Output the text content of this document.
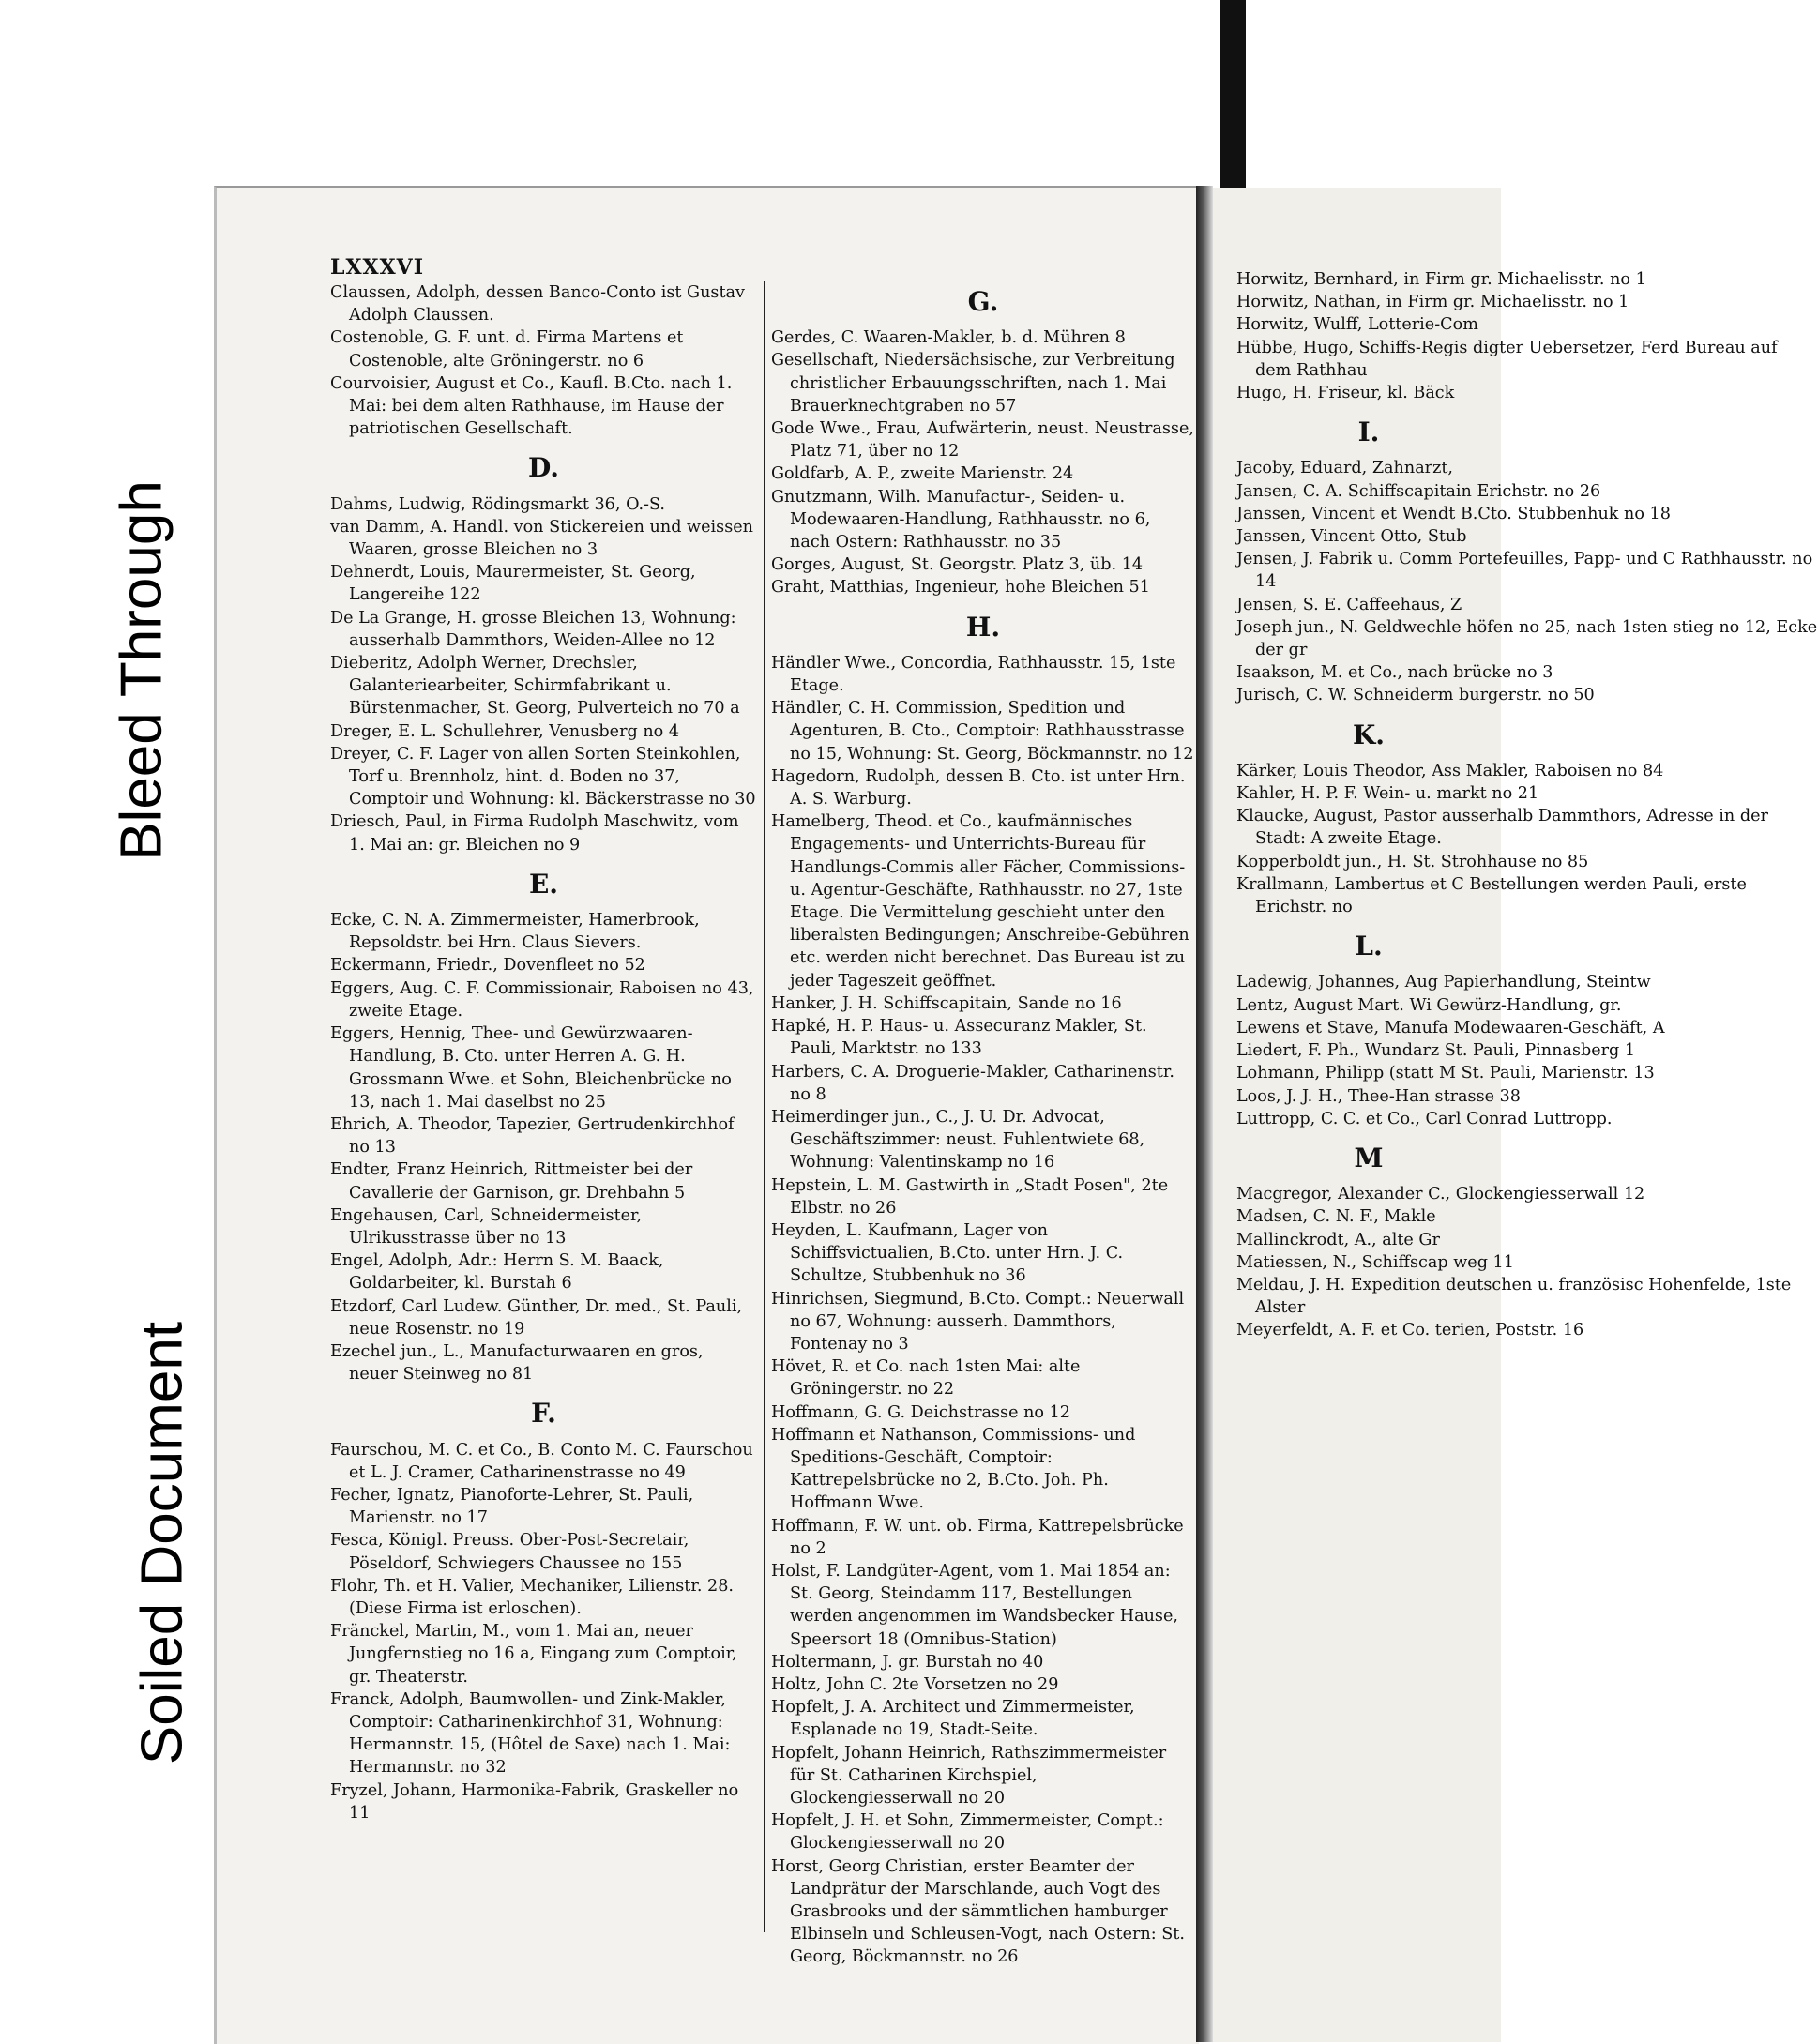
Bleed Through
Soiled Document
LXXXVI
Claussen, Adolph, dessen Banco-Conto ist Gustav Adolph Claussen.
Costenoble, G. F. unt. d. Firma Martens et Costenoble, alte Gröningerstr. no 6
Courvoisier, August et Co., Kaufl. B.Cto. nach 1. Mai: bei dem alten Rathhause, im Hause der patriotischen Gesellschaft.
D.
Dahms, Ludwig, Rödingsmarkt 36, O.-S.
van Damm, A. Handl. von Stickereien und weissen Waaren, grosse Bleichen no 3
Dehnerdt, Louis, Maurermeister, St. Georg, Langereihe 122
De La Grange, H. grosse Bleichen 13, Wohnung: ausserhalb Dammthors, Weiden-Allee no 12
Dieberitz, Adolph Werner, Drechsler, Galanteriearbeiter, Schirmfabrikant u. Bürstenmacher, St. Georg, Pulverteich no 70 a
Dreger, E. L. Schullehrer, Venusberg no 4
Dreyer, C. F. Lager von allen Sorten Steinkohlen, Torf u. Brennholz, hint. d. Boden no 37, Comptoir und Wohnung: kl. Bäckerstrasse no 30
Driesch, Paul, in Firma Rudolph Maschwitz, vom 1. Mai an: gr. Bleichen no 9
E.
Ecke, C. N. A. Zimmermeister, Hamerbrook, Repsoldstr. bei Hrn. Claus Sievers.
Eckermann, Friedr., Dovenfleet no 52
Eggers, Aug. C. F. Commissionair, Raboisen no 43, zweite Etage.
Eggers, Hennig, Thee- und Gewürzwaaren-Handlung, B. Cto. unter Herren A. G. H. Grossmann Wwe. et Sohn, Bleichenbrücke no 13, nach 1. Mai daselbst no 25
Ehrich, A. Theodor, Tapezier, Gertrudenkirchhof no 13
Endter, Franz Heinrich, Rittmeister bei der Cavallerie der Garnison, gr. Drehbahn 5
Engehausen, Carl, Schneidermeister, Ulrikusstrasse über no 13
Engel, Adolph, Adr.: Herrn S. M. Baack, Goldarbeiter, kl. Burstah 6
Etzdorf, Carl Ludew. Günther, Dr. med., St. Pauli, neue Rosenstr. no 19
Ezechel jun., L., Manufacturwaaren en gros, neuer Steinweg no 81
F.
Faurschou, M. C. et Co., B. Conto M. C. Faurschou et L. J. Cramer, Catharinenstrasse no 49
Fecher, Ignatz, Pianoforte-Lehrer, St. Pauli, Marienstr. no 17
Fesca, Königl. Preuss. Ober-Post-Secretair, Pöseldorf, Schwiegers Chaussee no 155
Flohr, Th. et H. Valier, Mechaniker, Lilienstr. 28. (Diese Firma ist erloschen).
Fränckel, Martin, M., vom 1. Mai an, neuer Jungfernstieg no 16 a, Eingang zum Comptoir, gr. Theaterstr.
Franck, Adolph, Baumwollen- und Zink-Makler, Comptoir: Catharinenkirchhof 31, Wohnung: Hermannstr. 15, (Hôtel de Saxe) nach 1. Mai: Hermannstr. no 32
Fryzel, Johann, Harmonika-Fabrik, Graskeller no 11
G.
Gerdes, C. Waaren-Makler, b. d. Mühren 8
Gesellschaft, Niedersächsische, zur Verbreitung christlicher Erbauungsschriften, nach 1. Mai Brauerknechtgraben no 57
Gode Wwe., Frau, Aufwärterin, neust. Neustrasse, Platz 71, über no 12
Goldfarb, A. P., zweite Marienstr. 24
Gnutzmann, Wilh. Manufactur-, Seiden- u. Modewaaren-Handlung, Rathhausstr. no 6, nach Ostern: Rathhausstr. no 35
Gorges, August, St. Georgstr. Platz 3, üb. 14
Graht, Matthias, Ingenieur, hohe Bleichen 51
H.
Händler Wwe., Concordia, Rathhausstr. 15, 1ste Etage.
Händler, C. H. Commission, Spedition und Agenturen, B. Cto., Comptoir: Rathhausstrasse no 15, Wohnung: St. Georg, Böckmannstr. no 12
Hagedorn, Rudolph, dessen B. Cto. ist unter Hrn. A. S. Warburg.
Hamelberg, Theod. et Co., kaufmännisches Engagements- und Unterrichts-Bureau für Handlungs-Commis aller Fächer, Commissions- u. Agentur-Geschäfte, Rathhausstr. no 27, 1ste Etage. Die Vermittelung geschieht unter den liberalsten Bedingungen; Anschreibe-Gebühren etc. werden nicht berechnet. Das Bureau ist zu jeder Tageszeit geöffnet.
Hanker, J. H. Schiffscapitain, Sande no 16
Hapké, H. P. Haus- u. Assecuranz Makler, St. Pauli, Marktstr. no 133
Harbers, C. A. Droguerie-Makler, Catharinenstr. no 8
Heimerdinger jun., C., J. U. Dr. Advocat, Geschäftszimmer: neust. Fuhlentwiete 68, Wohnung: Valentinskamp no 16
Hepstein, L. M. Gastwirth in „Stadt Posen", 2te Elbstr. no 26
Heyden, L. Kaufmann, Lager von Schiffsvictualien, B.Cto. unter Hrn. J. C. Schultze, Stubbenhuk no 36
Hinrichsen, Siegmund, B.Cto. Compt.: Neuerwall no 67, Wohnung: ausserh. Dammthors, Fontenay no 3
Hövet, R. et Co. nach 1sten Mai: alte Gröningerstr. no 22
Hoffmann, G. G. Deichstrasse no 12
Hoffmann et Nathanson, Commissions- und Speditions-Geschäft, Comptoir: Kattrepelsbrücke no 2, B.Cto. Joh. Ph. Hoffmann Wwe.
Hoffmann, F. W. unt. ob. Firma, Kattrepelsbrücke no 2
Holst, F. Landgüter-Agent, vom 1. Mai 1854 an: St. Georg, Steindamm 117, Bestellungen werden angenommen im Wandsbecker Hause, Speersort 18 (Omnibus-Station)
Holtermann, J. gr. Burstah no 40
Holtz, John C. 2te Vorsetzen no 29
Hopfelt, J. A. Architect und Zimmermeister, Esplanade no 19, Stadt-Seite.
Hopfelt, Johann Heinrich, Rathszimmermeister für St. Catharinen Kirchspiel, Glockengiesserwall no 20
Hopfelt, J. H. et Sohn, Zimmermeister, Compt.: Glockengiesserwall no 20
Horst, Georg Christian, erster Beamter der Landprätur der Marschlande, auch Vogt des Grasbrooks und der sämmtlichen hamburger Elbinseln und Schleusen-Vogt, nach Ostern: St. Georg, Böckmannstr. no 26
Horwitz, Bernhard, in Firm gr. Michaelisstr. no 1
Horwitz, Nathan, in Firm gr. Michaelisstr. no 1
Horwitz, Wulff, Lotterie-Com
Hübbe, Hugo, Schiffs-Regis digter Uebersetzer, Ferd Bureau auf dem Rathhau
Hugo, H. Friseur, kl. Bäck
I.
Jacoby, Eduard, Zahnarzt,
Jansen, C. A. Schiffscapitain Erichstr. no 26
Janssen, Vincent et Wendt B.Cto. Stubbenhuk no 18
Janssen, Vincent Otto, Stub
Jensen, J. Fabrik u. Comm Portefeuilles, Papp- und C Rathhausstr. no 14
Jensen, S. E. Caffeehaus, Z
Joseph jun., N. Geldwechle höfen no 25, nach 1sten stieg no 12, Ecke der gr
Isaakson, M. et Co., nach brücke no 3
Jurisch, C. W. Schneiderm burgerstr. no 50
K.
Kärker, Louis Theodor, Ass Makler, Raboisen no 84
Kahler, H. P. F. Wein- u. markt no 21
Klaucke, August, Pastor ausserhalb Dammthors, Adresse in der Stadt: A zweite Etage.
Kopperboldt jun., H. St. Strohhause no 85
Krallmann, Lambertus et C Bestellungen werden Pauli, erste Erichstr. no
L.
Ladewig, Johannes, Aug Papierhandlung, Steintw
Lentz, August Mart. Wi Gewürz-Handlung, gr.
Lewens et Stave, Manufa Modewaaren-Geschäft, A
Liedert, F. Ph., Wundarz St. Pauli, Pinnasberg 1
Lohmann, Philipp (statt M St. Pauli, Marienstr. 13
Loos, J. J. H., Thee-Han strasse 38
Luttropp, C. C. et Co., Carl Conrad Luttropp.
M
Macgregor, Alexander C., Glockengiesserwall 12
Madsen, C. N. F., Makle
Mallinckrodt, A., alte Gr
Matiessen, N., Schiffscap weg 11
Meldau, J. H. Expedition deutschen u. französisc Hohenfelde, 1ste Alster
Meyerfeldt, A. F. et Co. terien, Poststr. 16
